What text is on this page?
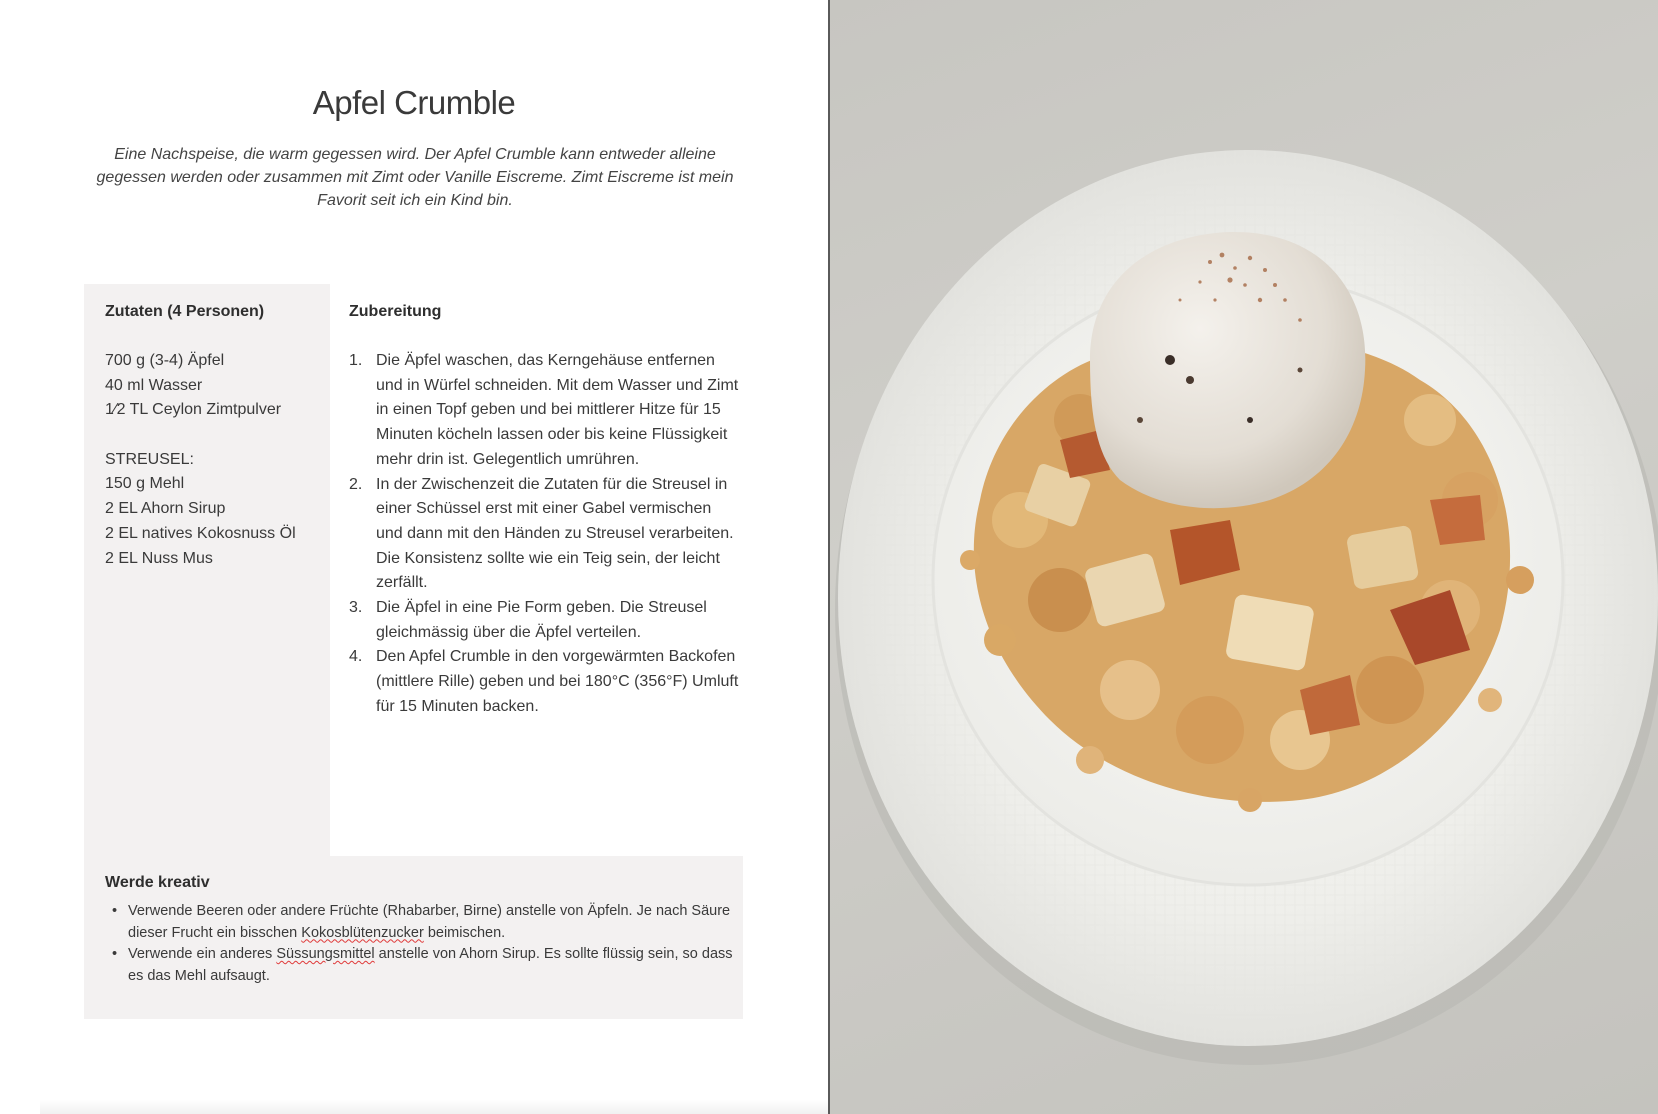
Apfel Crumble

Eine Nachspeise, die warm gegessen wird. Der Apfel Crumble kann entweder alleine gegessen werden oder zusammen mit Zimt oder Vanille Eiscreme. Zimt Eiscreme ist mein Favorit seit ich ein Kind bin.

Zutaten (4 Personen)
700 g (3-4) Äpfel
40 ml Wasser
1⁄2 TL Ceylon Zimtpulver
STREUSEL:
150 g Mehl
2 EL Ahorn Sirup
2 EL natives Kokosnuss Öl
2 EL Nuss Mus
Zubereitung
1. Die Äpfel waschen, das Kerngehäuse entfernen und in Würfel schneiden. Mit dem Wasser und Zimt in einen Topf geben und bei mittlerer Hitze für 15 Minuten köcheln lassen oder bis keine Flüssigkeit mehr drin ist. Gelegentlich umrühren.
2. In der Zwischenzeit die Zutaten für die Streusel in einer Schüssel erst mit einer Gabel vermischen und dann mit den Händen zu Streusel verarbeiten. Die Konsistenz sollte wie ein Teig sein, der leicht zerfällt.
3. Die Äpfel in eine Pie Form geben. Die Streusel gleichmässig über die Äpfel verteilen.
4. Den Apfel Crumble in den vorgewärmten Backofen (mittlere Rille) geben und bei 180°C (356°F) Umluft für 15 Minuten backen.
Werde kreativ
• Verwende Beeren oder andere Früchte (Rhabarber, Birne) anstelle von Äpfeln. Je nach Säure dieser Frucht ein bisschen Kokosblütenzucker beimischen.
• Verwende ein anderes Süssungsmittel anstelle von Ahorn Sirup. Es sollte flüssig sein, so dass es das Mehl aufsaugt.
